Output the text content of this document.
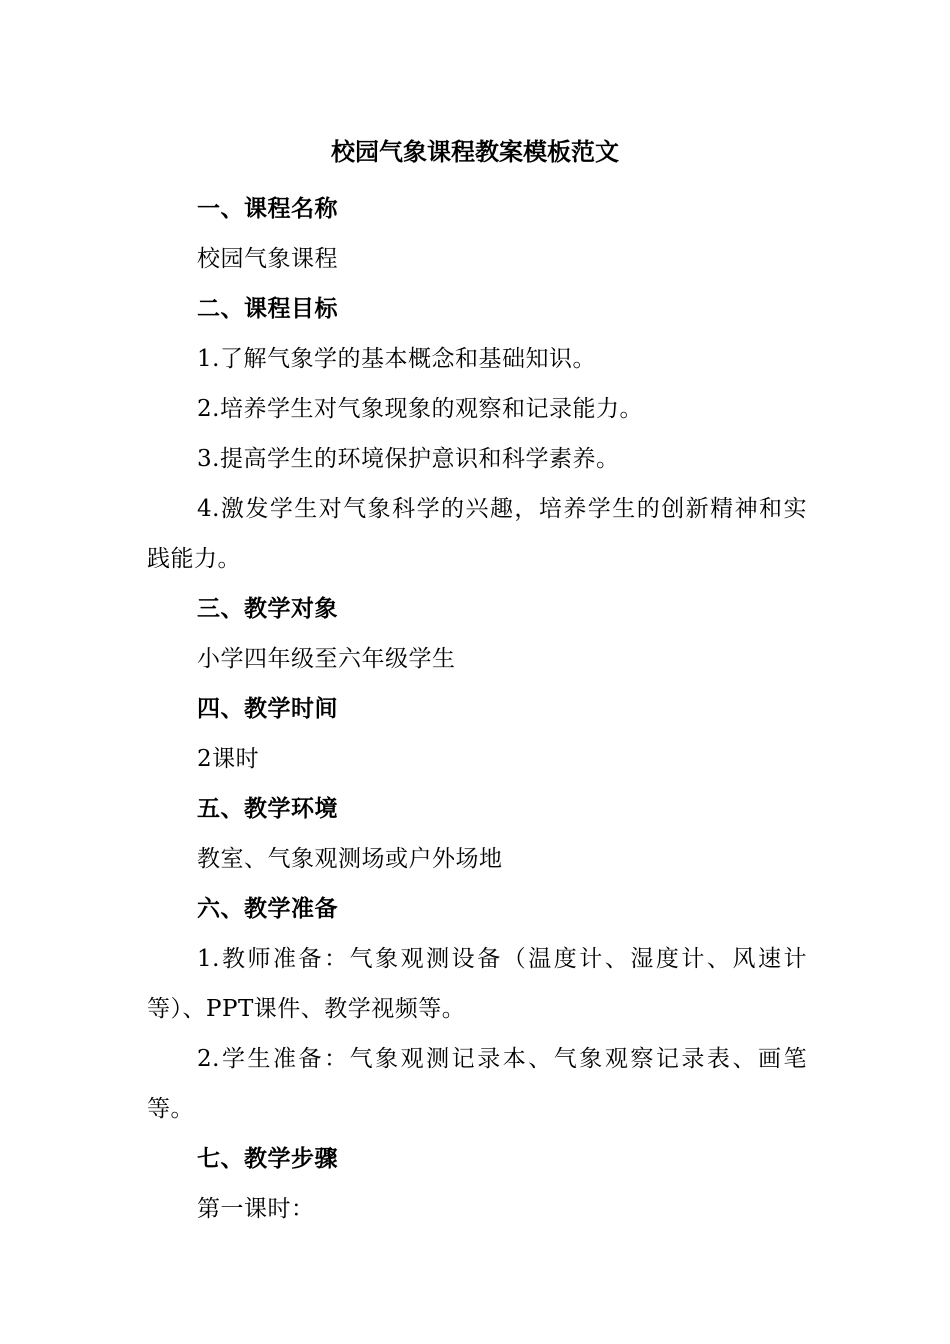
校园气象课程教案模板范文

一、课程名称

校园气象课程

二、课程目标

1.了解气象学的基本概念和基础知识。

2.培养学生对气象现象的观察和记录能力。

3.提高学生的环境保护意识和科学素养。

4.激发学生对气象科学的兴趣，培养学生的创新精神和实践能力。

三、教学对象

小学四年级至六年级学生

四、教学时间

2课时

五、教学环境

教室、气象观测场或户外场地

六、教学准备

1.教师准备：气象观测设备（温度计、湿度计、风速计等）、PPT课件、教学视频等。

2.学生准备：气象观测记录本、气象观察记录表、画笔等。

七、教学步骤

第一课时：
